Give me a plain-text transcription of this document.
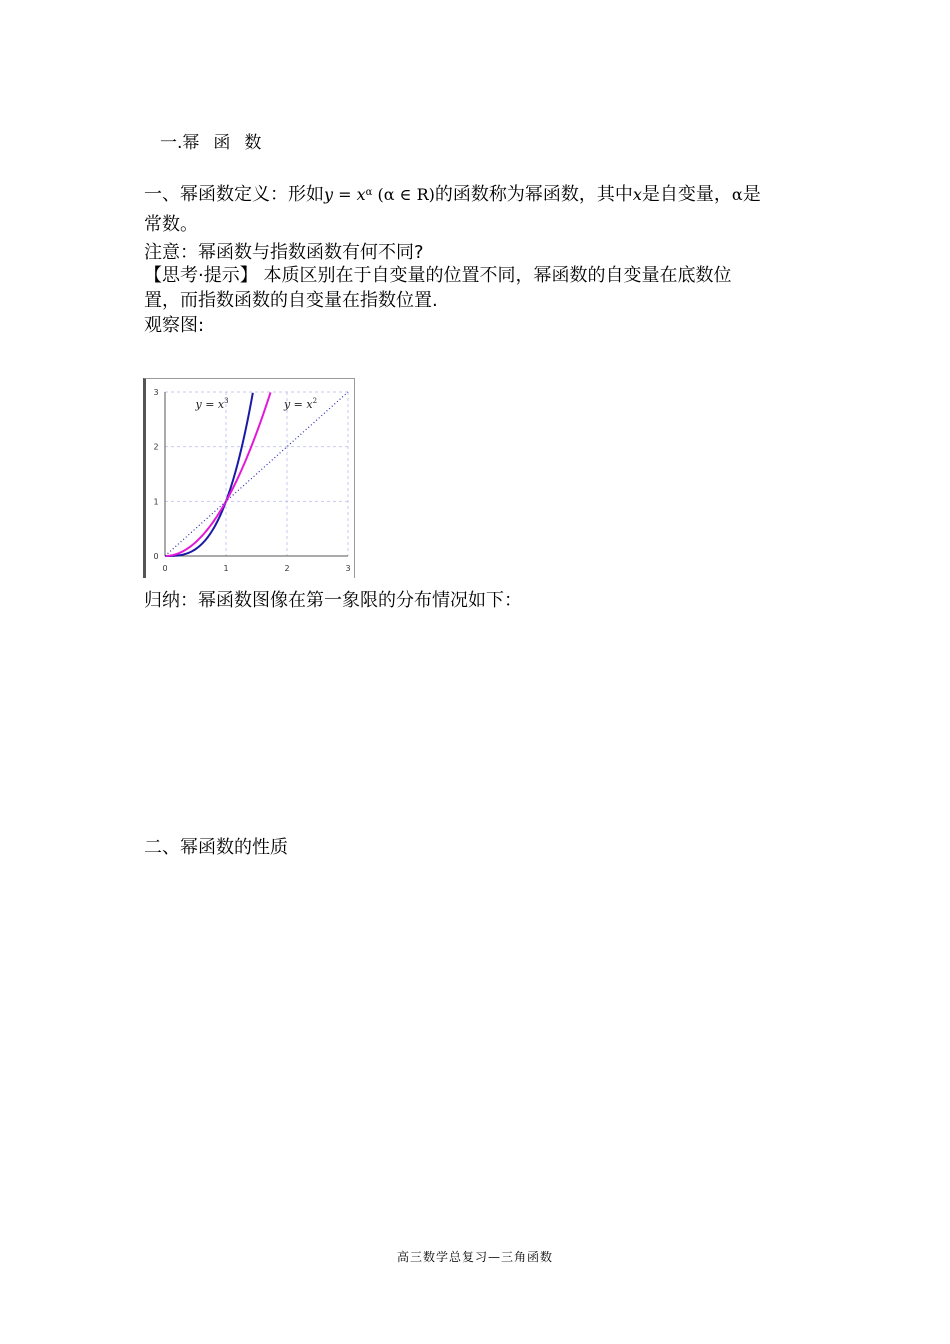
一.幂 函 数
一、幂函数定义：形如$y = x^\alpha$ (α ∈ R)的函数称为幂函数，其中x是自变量，α是
常数。
注意：幂函数与指数函数有何不同?
【思考·提示】 本质区别在于自变量的位置不同，幂函数的自变量在底数位
置，而指数函数的自变量在指数位置.
观察图:
0	1	2	3
0
1
2
3
$y = x^3$	$y = x^2$
归纳：幂函数图像在第一象限的分布情况如下：
二、幂函数的性质
高三数学总复习—三角函数
